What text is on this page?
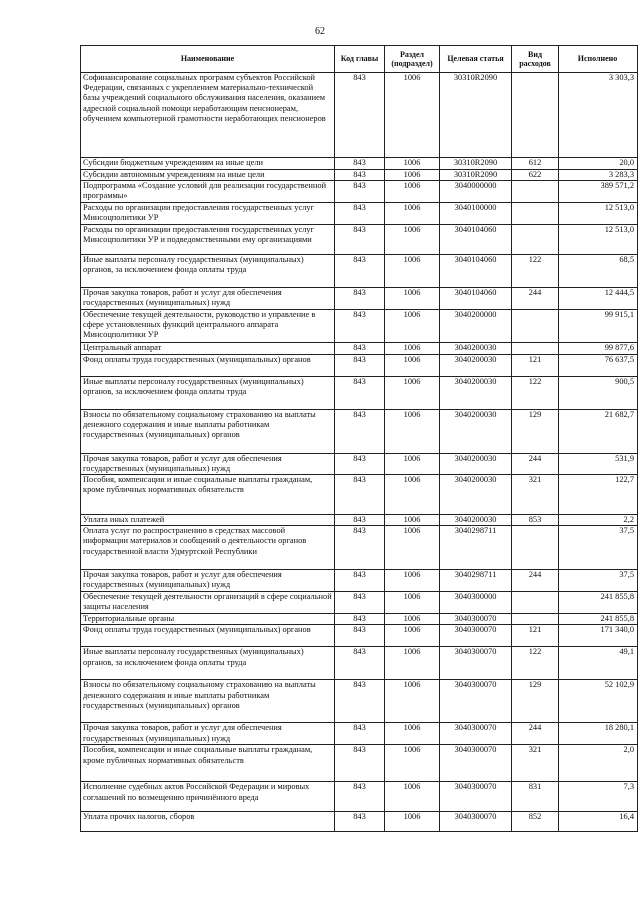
62
Наименование	Код главы	Раздел (подраздел)	Целевая статья	Вид расходов	Исполнено
Софинансирование социальных программ субъектов Российской Федерации, связанных с укреплением материально-технической базы учреждений социального обслуживания населения, оказанием адресной социальной помощи неработающим пенсионерам, обучением компьютерной грамотности неработающих пенсионеров	843	1006	30310R2090		3 303,3
Субсидии бюджетным учреждениям на иные цели	843	1006	30310R2090	612	20,0
Субсидии автономным учреждениям на иные цели	843	1006	30310R2090	622	3 283,3
Подпрограмма «Создание условий для реализации государственной программы»	843	1006	3040000000		389 571,2
Расходы по организации предоставления государственных услуг Минсоцполитики УР	843	1006	3040100000		12 513,0
Расходы по организации предоставления государственных услуг Минсоцполитики УР и подведомственными ему организациями	843	1006	3040104060		12 513,0
Иные выплаты персоналу государственных (муниципальных) органов, за исключением фонда оплаты труда	843	1006	3040104060	122	68,5
Прочая закупка товаров, работ и услуг для обеспечения государственных (муниципальных) нужд	843	1006	3040104060	244	12 444,5
Обеспечение текущей деятельности, руководство и управление в сфере установленных функций центрального аппарата Минсоцполитики УР	843	1006	3040200000		99 915,1
Центральный аппарат	843	1006	3040200030		99 877,6
Фонд оплаты труда государственных (муниципальных) органов	843	1006	3040200030	121	76 637,5
Иные выплаты персоналу государственных (муниципальных) органов, за исключением фонда оплаты труда	843	1006	3040200030	122	900,5
Взносы по обязательному социальному страхованию на выплаты денежного содержания и иные выплаты работникам государственных (муниципальных) органов	843	1006	3040200030	129	21 682,7
Прочая закупка товаров, работ и услуг для обеспечения государственных (муниципальных) нужд	843	1006	3040200030	244	531,9
Пособия, компенсации и иные социальные выплаты гражданам, кроме публичных нормативных обязательств	843	1006	3040200030	321	122,7
Уплата иных платежей	843	1006	3040200030	853	2,2
Оплата услуг по распространению в средствах массовой информации материалов и сообщений о деятельности органов государственной власти Удмуртской Республики	843	1006	3040298711		37,5
Прочая закупка товаров, работ и услуг для обеспечения государственных (муниципальных) нужд	843	1006	3040298711	244	37,5
Обеспечение текущей деятельности организаций в сфере социальной защиты населения	843	1006	3040300000		241 855,8
Территориальные органы	843	1006	3040300070		241 855,8
Фонд оплаты труда государственных (муниципальных) органов	843	1006	3040300070	121	171 340,0
Иные выплаты персоналу государственных (муниципальных) органов, за исключением фонда оплаты труда	843	1006	3040300070	122	49,1
Взносы по обязательному социальному страхованию на выплаты денежного содержания и иные выплаты работникам государственных (муниципальных) органов	843	1006	3040300070	129	52 102,9
Прочая закупка товаров, работ и услуг для обеспечения государственных (муниципальных) нужд	843	1006	3040300070	244	18 280,1
Пособия, компенсации и иные социальные выплаты гражданам, кроме публичных нормативных обязательств	843	1006	3040300070	321	2,0
Исполнение судебных актов Российской Федерации и мировых соглашений по возмещению причинённого вреда	843	1006	3040300070	831	7,3
Уплата прочих налогов, сборов	843	1006	3040300070	852	16,4
